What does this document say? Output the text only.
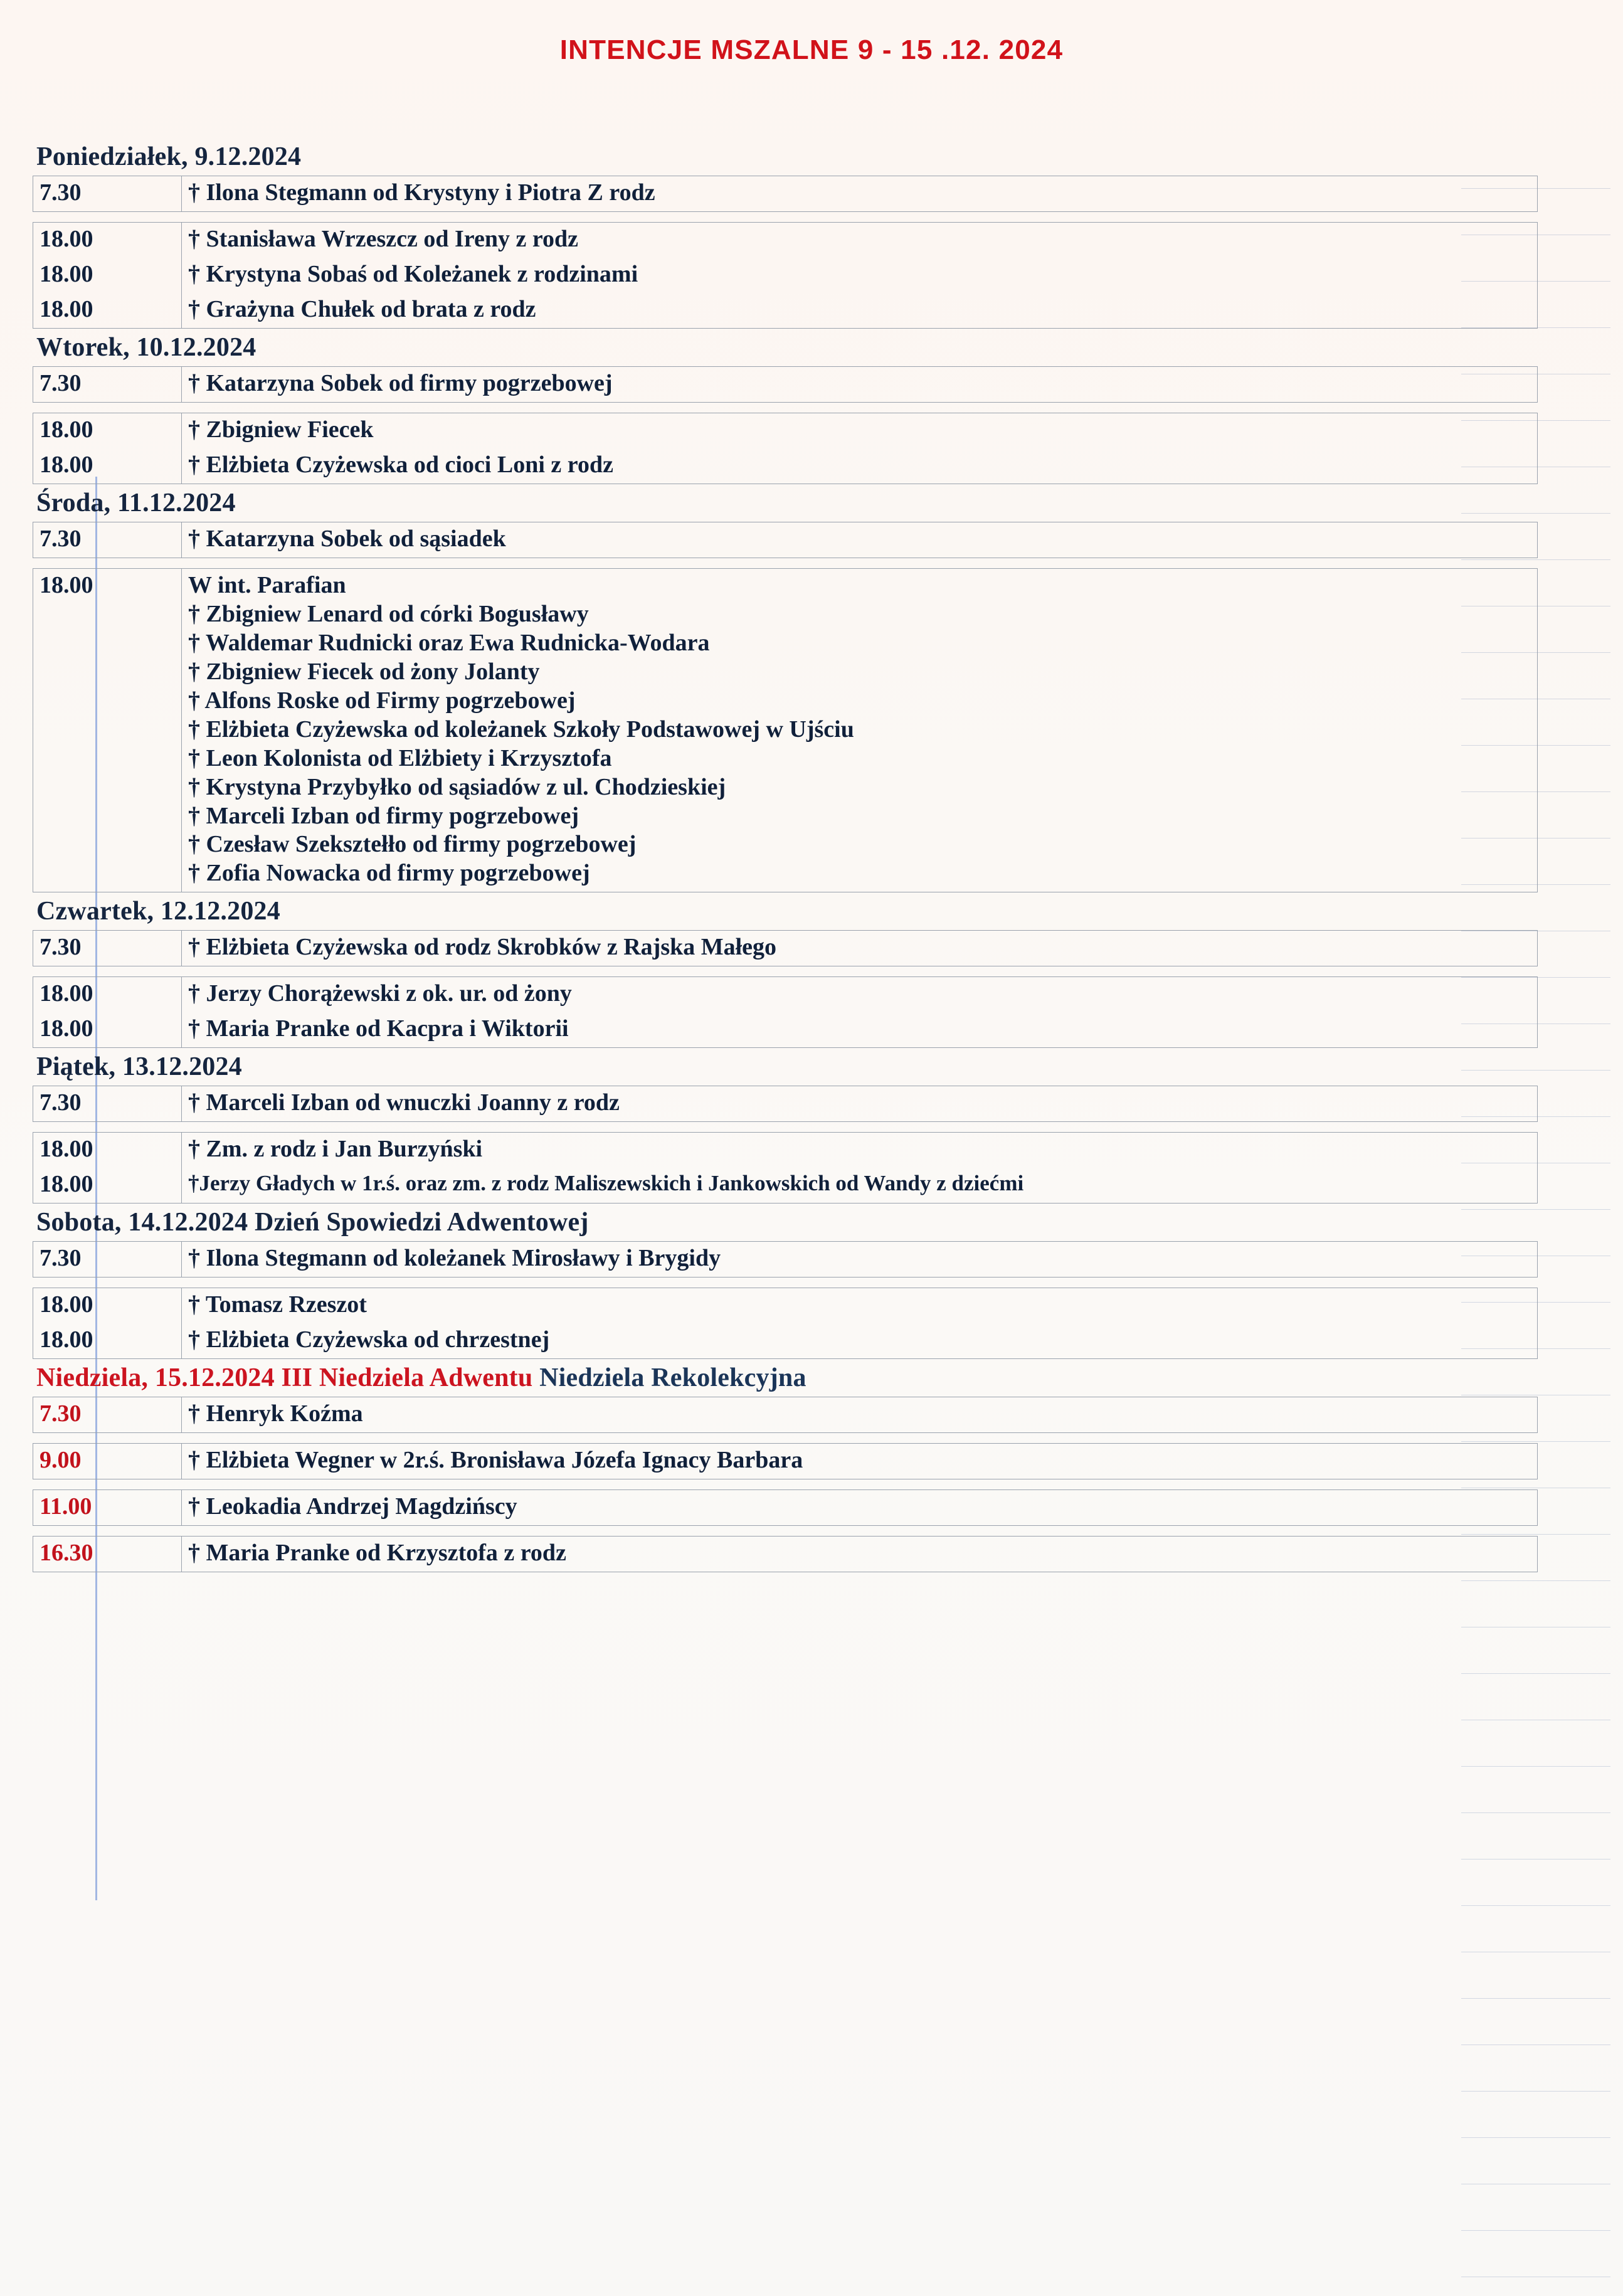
INTENCJE MSZALNE 9 - 15 .12. 2024
Poniedziałek, 9.12.2024
7.30	† Ilona Stegmann od Krystyny i Piotra Z rodz
18.00	† Stanisława Wrzeszcz od Ireny z rodz

18.00	† Krystyna Sobaś od Koleżanek z rodzinami

18.00	† Grażyna Chułek od brata z rodz
Wtorek, 10.12.2024
7.30	† Katarzyna Sobek od firmy pogrzebowej
18.00	† Zbigniew Fiecek

18.00	† Elżbieta Czyżewska od cioci Loni z rodz
Środa, 11.12.2024
7.30	† Katarzyna Sobek od sąsiadek
18.00	W int. Parafian
† Zbigniew Lenard od córki Bogusławy
† Waldemar Rudnicki oraz Ewa Rudnicka-Wodara
† Zbigniew Fiecek od żony Jolanty
† Alfons Roske od Firmy pogrzebowej
† Elżbieta Czyżewska od koleżanek Szkoły Podstawowej w Ujściu
† Leon Kolonista od Elżbiety i Krzysztofa
† Krystyna Przybyłko od sąsiadów z ul. Chodzieskiej
† Marceli Izban od firmy pogrzebowej
† Czesław Szeksztełło od firmy pogrzebowej
† Zofia Nowacka od firmy pogrzebowej
Czwartek, 12.12.2024
7.30	† Elżbieta Czyżewska od rodz Skrobków z Rajska Małego
18.00	† Jerzy Chorążewski z ok. ur. od żony

18.00	† Maria Pranke od Kacpra i Wiktorii
Piątek, 13.12.2024
7.30	† Marceli Izban od wnuczki Joanny z rodz
18.00	† Zm. z rodz i Jan Burzyński

18.00	†Jerzy Gładych w 1r.ś. oraz zm. z rodz Maliszewskich i Jankowskich od Wandy z dziećmi
Sobota, 14.12.2024 Dzień Spowiedzi Adwentowej
7.30	† Ilona Stegmann od koleżanek Mirosławy i Brygidy
18.00	† Tomasz Rzeszot

18.00	† Elżbieta Czyżewska od chrzestnej
Niedziela, 15.12.2024 III Niedziela Adwentu Niedziela Rekolekcyjna
7.30	† Henryk Koźma
9.00	† Elżbieta Wegner w 2r.ś. Bronisława Józefa Ignacy Barbara
11.00	† Leokadia Andrzej Magdzińscy
16.30	† Maria Pranke od Krzysztofa z rodz
